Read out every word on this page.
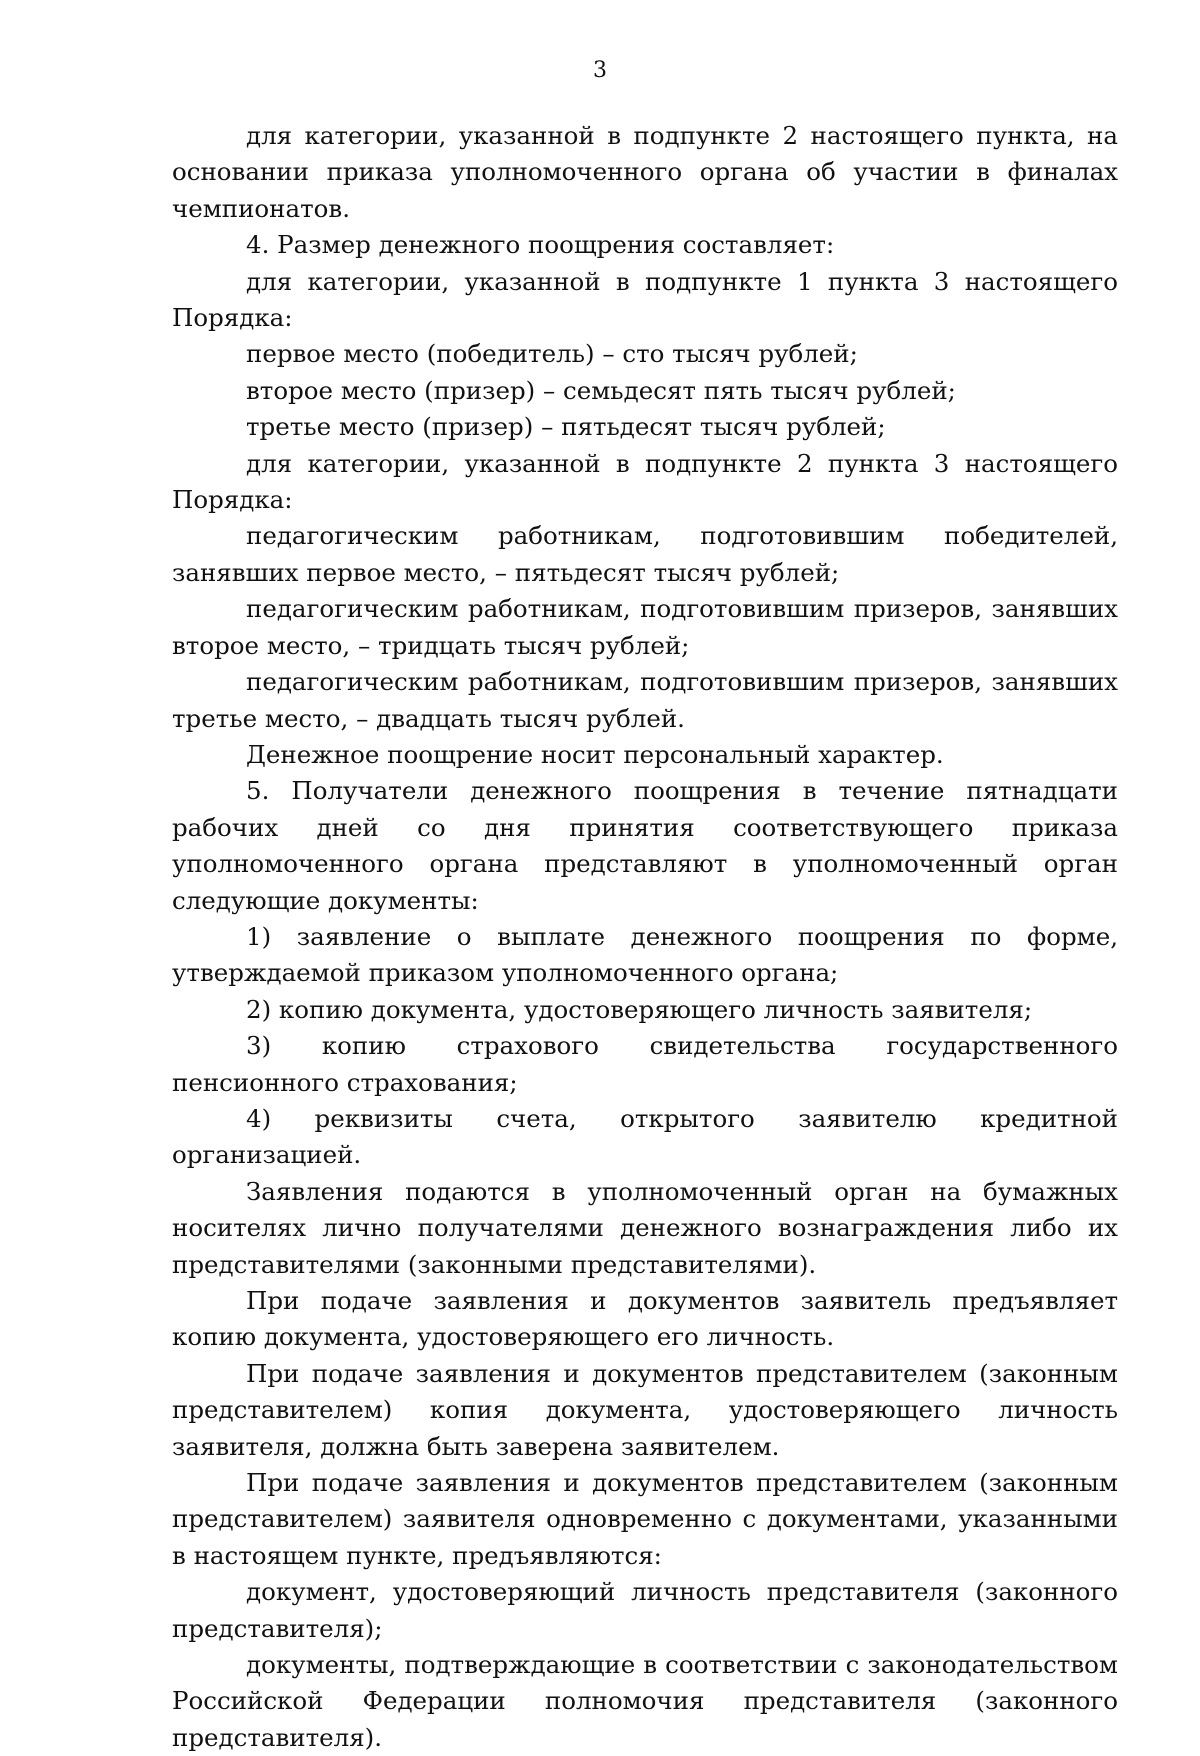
3

для категории, указанной в подпункте 2 настоящего пункта, на основании приказа уполномоченного органа об участии в финалах чемпионатов.

4. Размер денежного поощрения составляет:

для категории, указанной в подпункте 1 пункта 3 настоящего Порядка:

первое место (победитель) – сто тысяч рублей;

второе место (призер) – семьдесят пять тысяч рублей;

третье место (призер) – пятьдесят тысяч рублей;

для категории, указанной в подпункте 2 пункта 3 настоящего Порядка:

педагогическим работникам, подготовившим победителей, занявших первое место, – пятьдесят тысяч рублей;

педагогическим работникам, подготовившим призеров, занявших второе место, – тридцать тысяч рублей;

педагогическим работникам, подготовившим призеров, занявших третье место, – двадцать тысяч рублей.

Денежное поощрение носит персональный характер.

5. Получатели денежного поощрения в течение пятнадцати рабочих дней со дня принятия соответствующего приказа уполномоченного органа представляют в уполномоченный орган следующие документы:

1) заявление о выплате денежного поощрения по форме, утверждаемой приказом уполномоченного органа;

2) копию документа, удостоверяющего личность заявителя;

3) копию страхового свидетельства государственного пенсионного страхования;

4) реквизиты счета, открытого заявителю кредитной организацией.

Заявления подаются в уполномоченный орган на бумажных носителях лично получателями денежного вознаграждения либо их представителями (законными представителями).

При подаче заявления и документов заявитель предъявляет копию документа, удостоверяющего его личность.

При подаче заявления и документов представителем (законным представителем) копия документа, удостоверяющего личность заявителя, должна быть заверена заявителем.

При подаче заявления и документов представителем (законным представителем) заявителя одновременно с документами, указанными в настоящем пункте, предъявляются:

документ, удостоверяющий личность представителя (законного представителя);

документы, подтверждающие в соответствии с законодательством Российской Федерации полномочия представителя (законного представителя).
